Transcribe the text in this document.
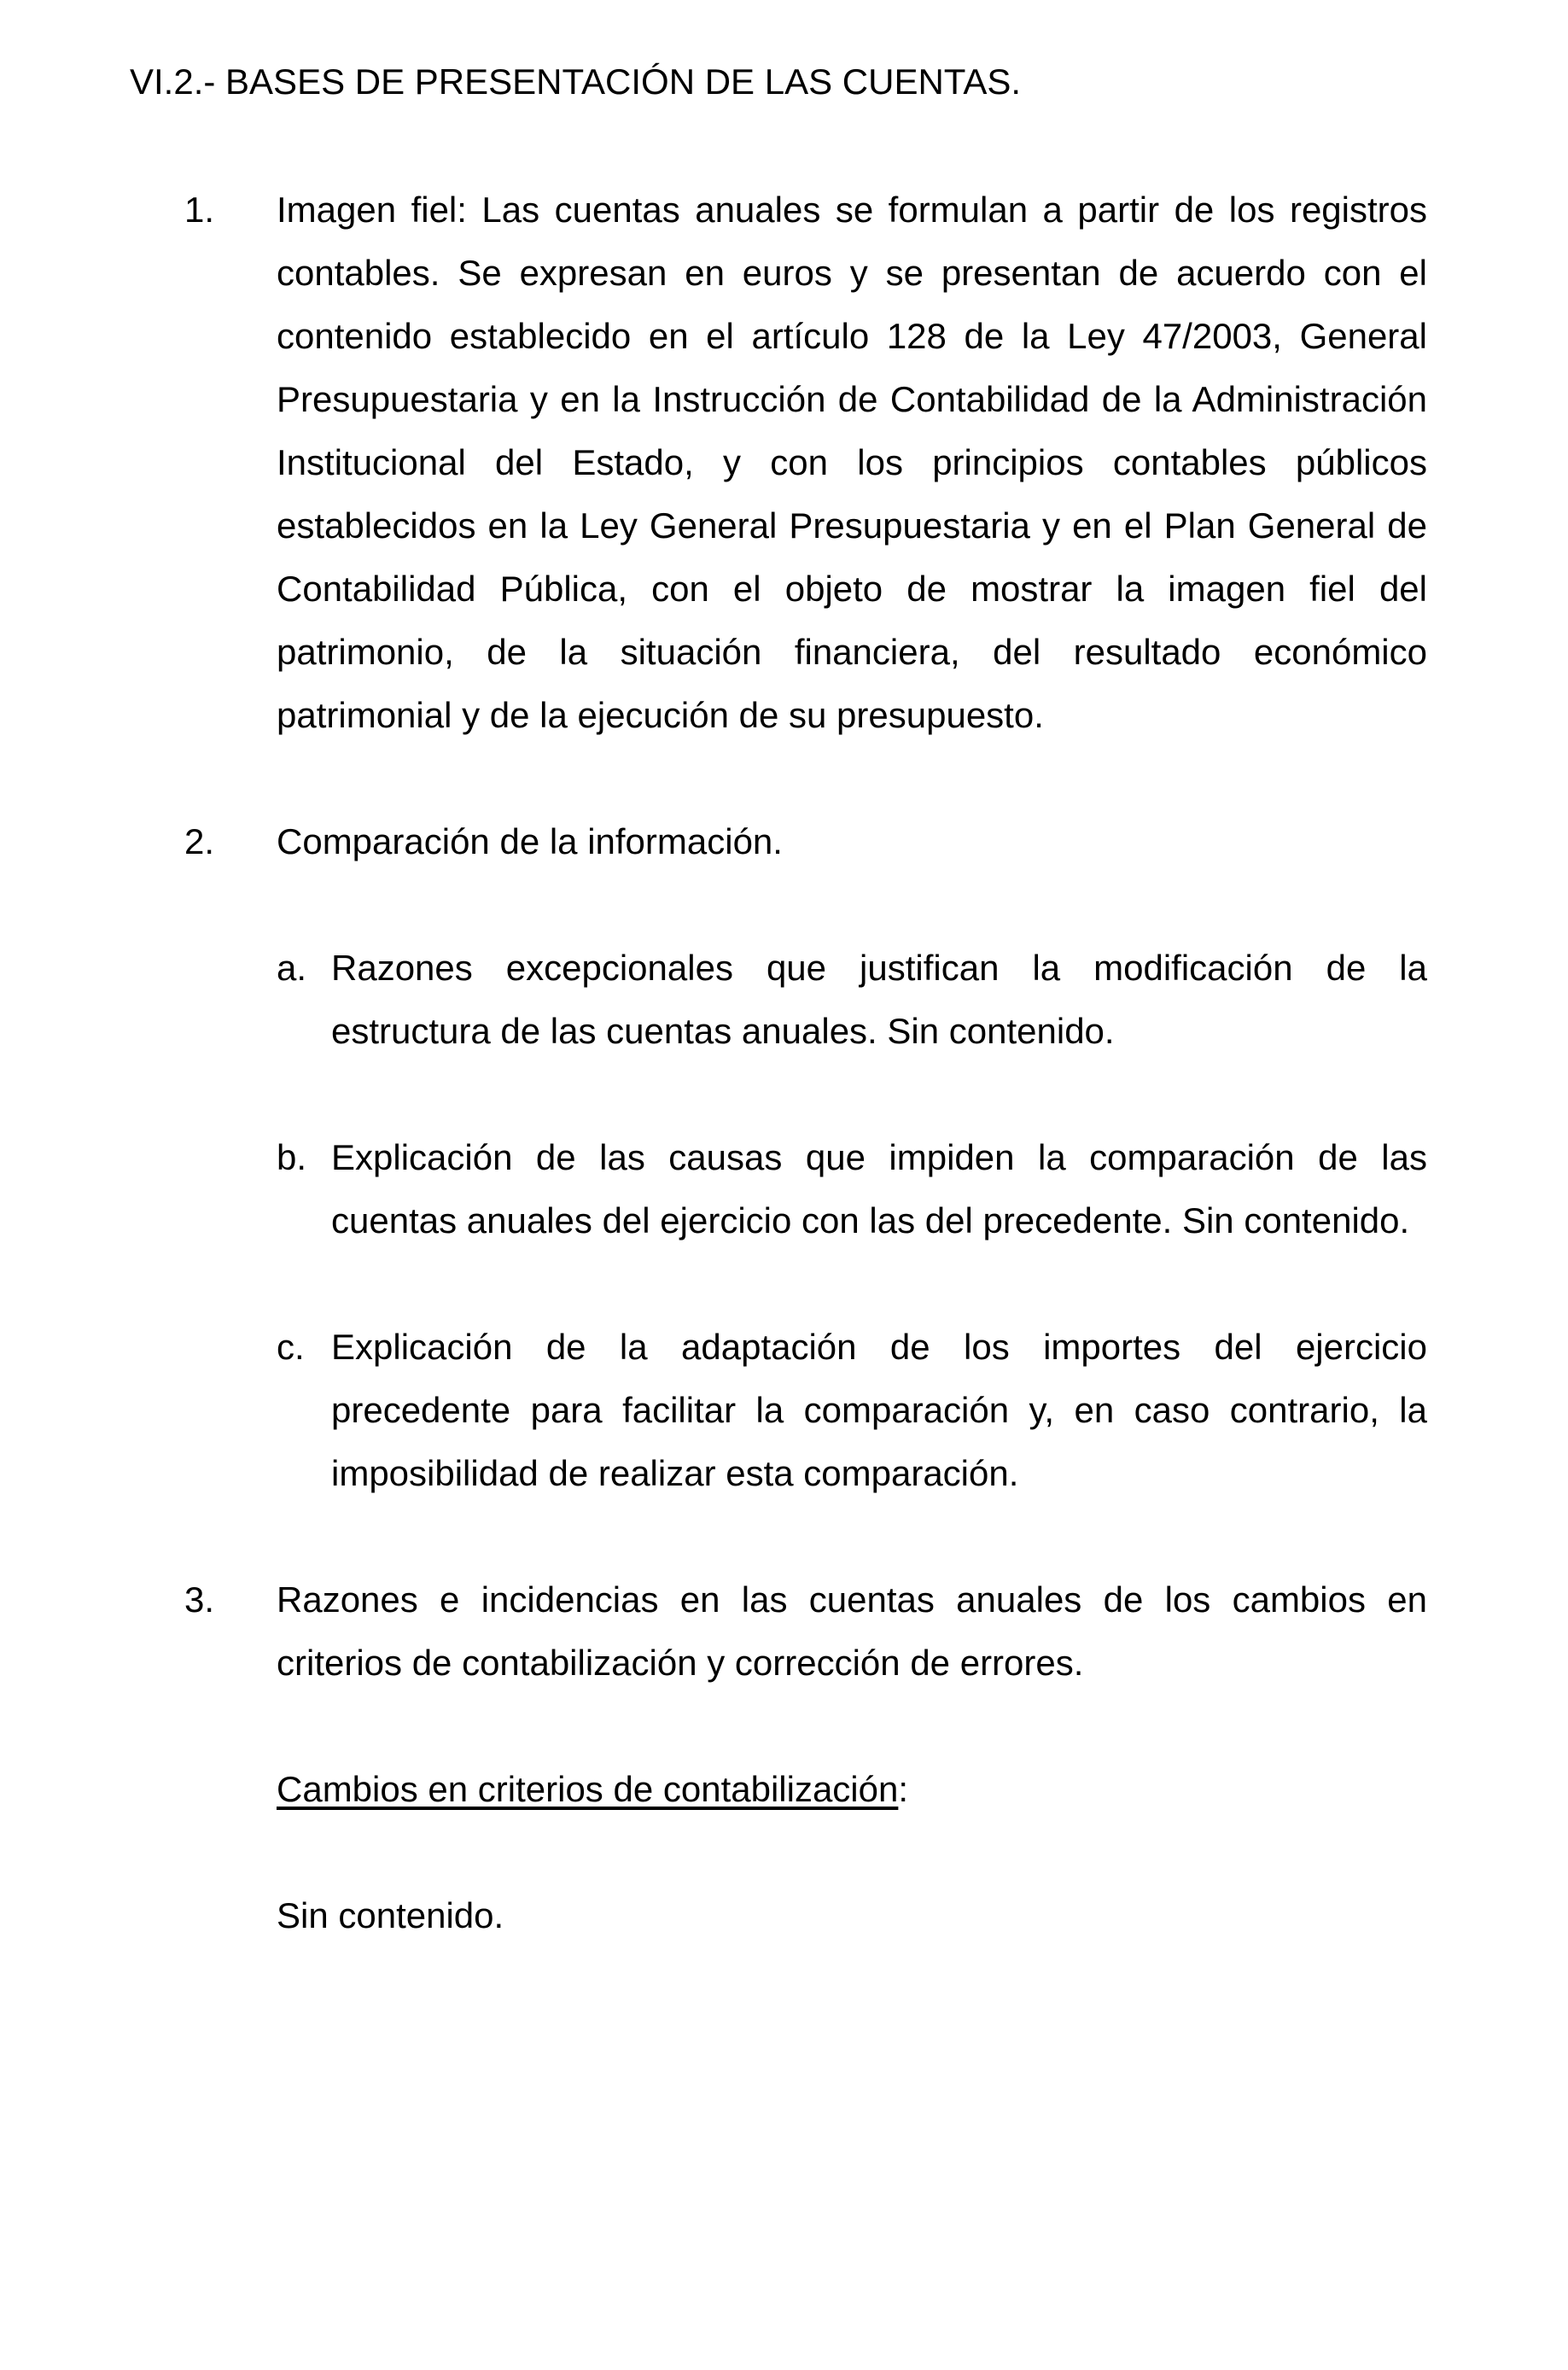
VI.2.- BASES DE PRESENTACIÓN DE LAS CUENTAS.
1. Imagen fiel: Las cuentas anuales se formulan a partir de los registros contables. Se expresan en euros y se presentan de acuerdo con el contenido establecido en el artículo 128 de la Ley 47/2003, General Presupuestaria y en la Instrucción de Contabilidad de la Administración Institucional del Estado, y con los principios contables públicos establecidos en la Ley General Presupuestaria y en el Plan General de Contabilidad Pública, con el objeto de mostrar la imagen fiel del patrimonio, de la situación financiera, del resultado económico patrimonial y de la ejecución de su presupuesto.
2. Comparación de la información.
a. Razones excepcionales que justifican la modificación de la estructura de las cuentas anuales. Sin contenido.
b. Explicación de las causas que impiden la comparación de las cuentas anuales del ejercicio con las del precedente. Sin contenido.
c. Explicación de la adaptación de los importes del ejercicio precedente para facilitar la comparación y, en caso contrario, la imposibilidad de realizar esta comparación.
3. Razones e incidencias en las cuentas anuales de los cambios en criterios de contabilización y corrección de errores.
Cambios en criterios de contabilización:
Sin contenido.
